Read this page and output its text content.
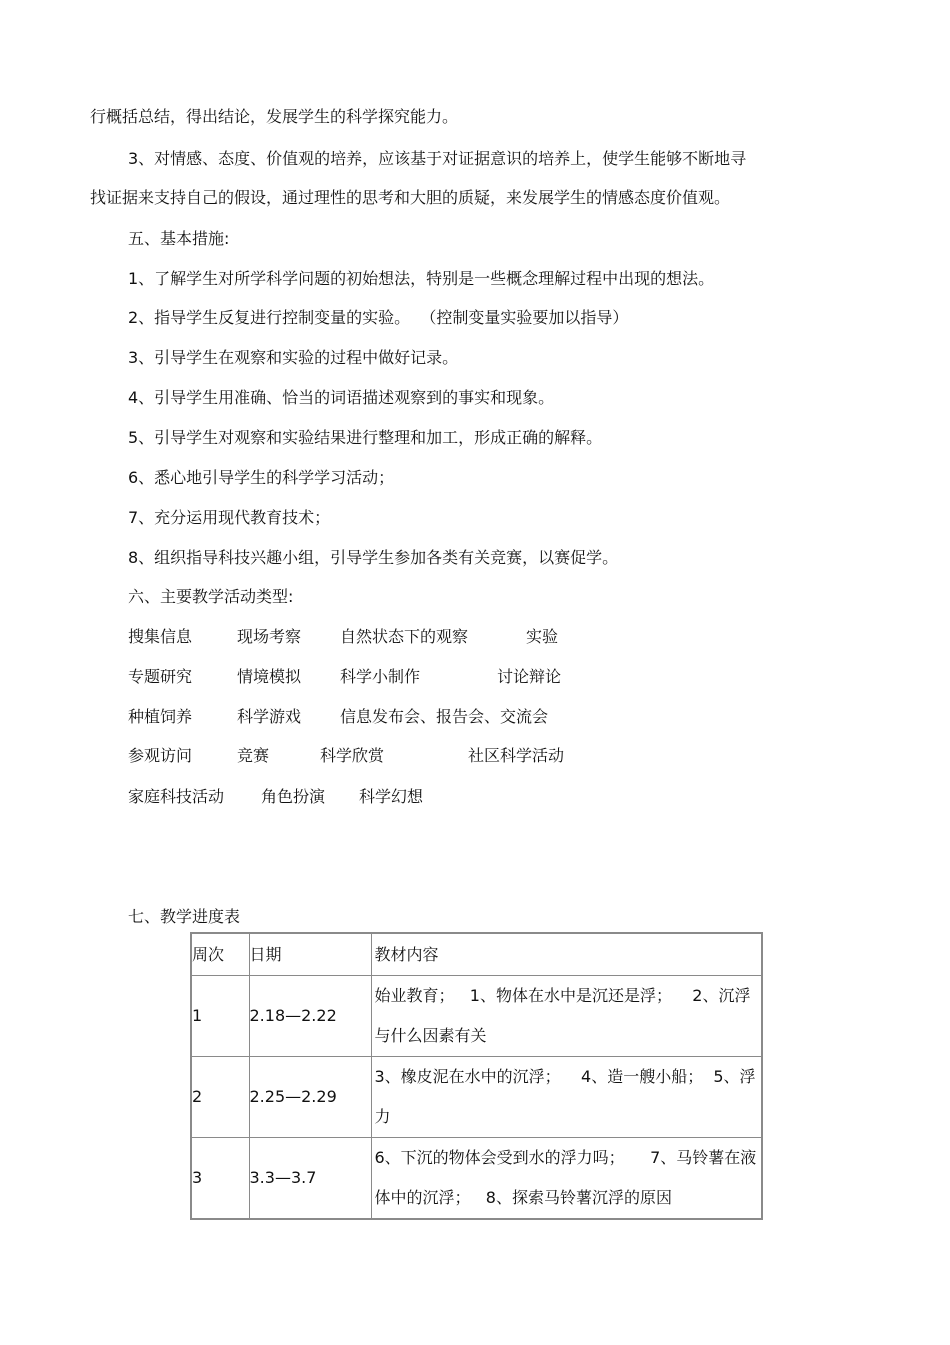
行概括总结，得出结论，发展学生的科学探究能力。
3、对情感、态度、价值观的培养，应该基于对证据意识的培养上，使学生能够不断地寻
找证据来支持自己的假设，通过理性的思考和大胆的质疑，来发展学生的情感态度价值观。
五、基本措施:
1、了解学生对所学科学问题的初始想法，特别是一些概念理解过程中出现的想法。
2、指导学生反复进行控制变量的实验。  （控制变量实验要加以指导）
3、引导学生在观察和实验的过程中做好记录。
4、引导学生用准确、恰当的词语描述观察到的事实和现象。
5、引导学生对观察和实验结果进行整理和加工，形成正确的解释。
6、悉心地引导学生的科学学习活动；
7、充分运用现代教育技术；
8、组织指导科技兴趣小组，引导学生参加各类有关竞赛，以赛促学。
六、主要教学活动类型:
搜集信息	现场考察 自然状态下的观察	实验
专题研究	情境模拟 科学小制作	讨论辩论
种植饲养	科学游戏 信息发布会、报告会、交流会
参观访问	竞赛	科学欣赏	社区科学活动
家庭科技活动 角色扮演 科学幻想
七、教学进度表
周次	日期	教材内容
1	2.18—2.22	始业教育；   1、物体在水中是沉还是浮；    2、沉浮与什么因素有关
2	2.25—2.29	3、橡皮泥在水中的沉浮；    4、造一艘小船；  5、浮力
3	3.3—3.7	6、下沉的物体会受到水的浮力吗；     7、马铃薯在液体中的沉浮；   8、探索马铃薯沉浮的原因
